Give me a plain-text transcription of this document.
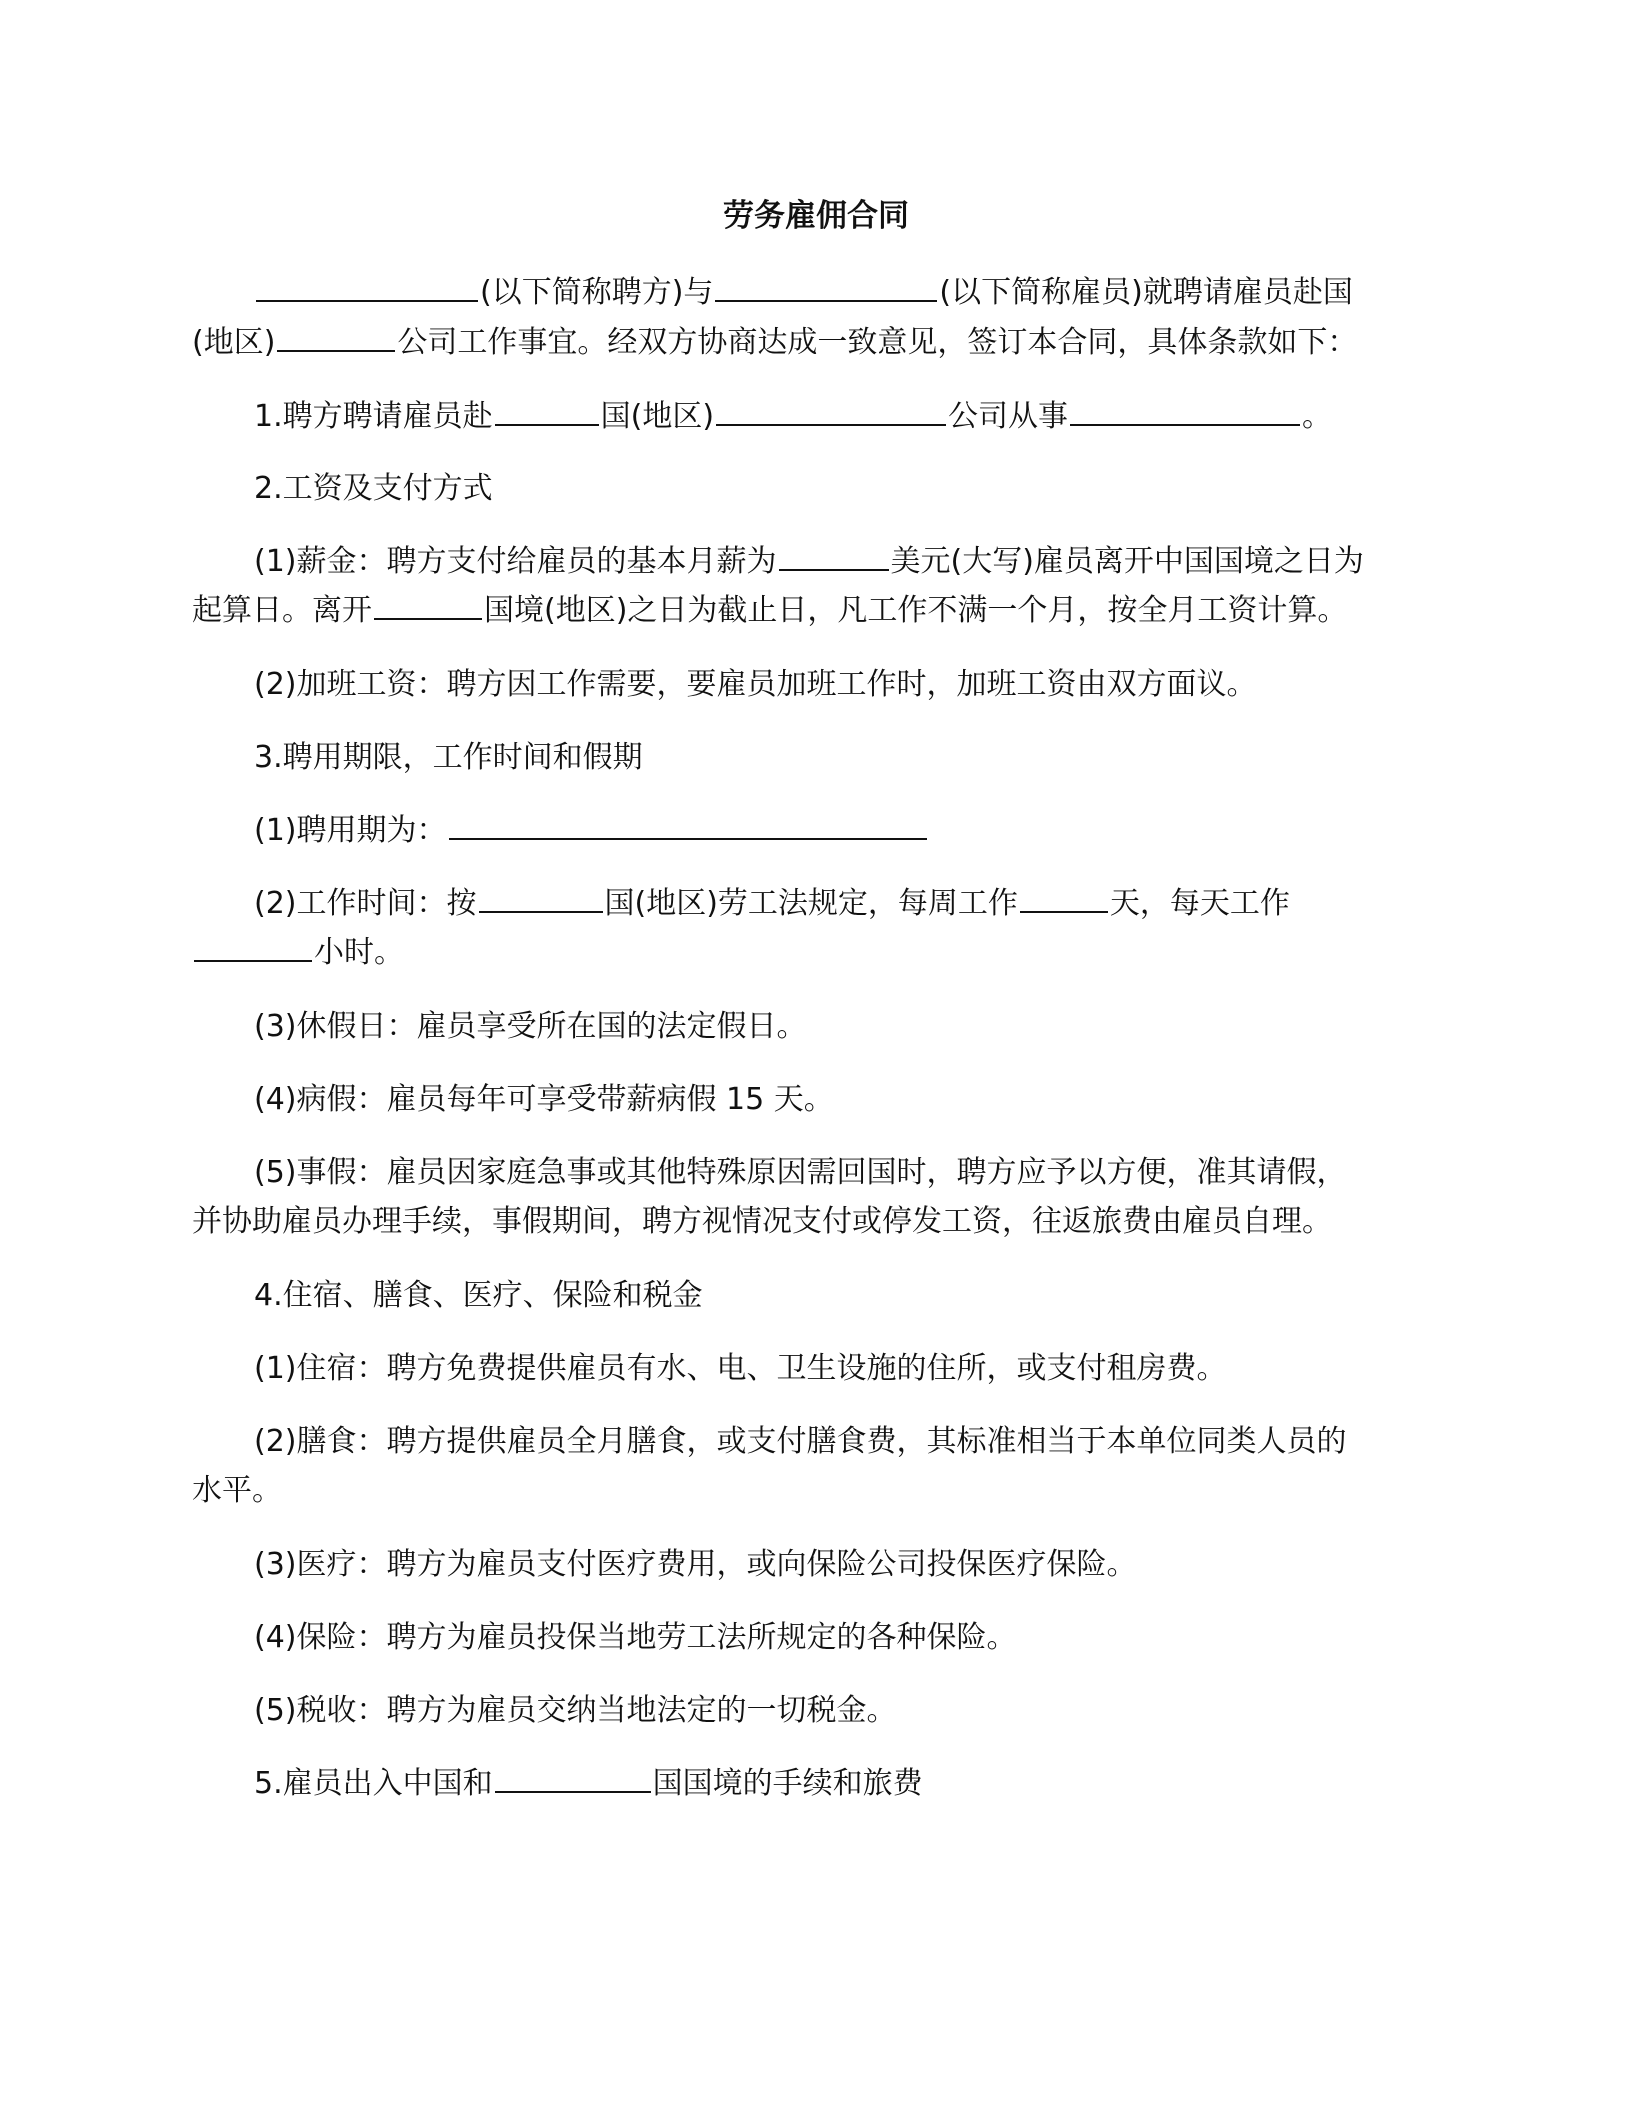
劳务雇佣合同
(以下简称聘方)与	(以下简称雇员)就聘请雇员赴国
(地区)	公司工作事宜。经双方协商达成一致意见，签订本合同，具体条款如下：
1.聘方聘请雇员赴	国(地区)	公司从事	。
2.工资及支付方式
(1)薪金：聘方支付给雇员的基本月薪为	美元(大写)雇员离开中国国境之日为
起算日。离开	国境(地区)之日为截止日，凡工作不满一个月，按全月工资计算。
(2)加班工资：聘方因工作需要，要雇员加班工作时，加班工资由双方面议。
3.聘用期限，工作时间和假期
(1)聘用期为：
(2)工作时间：按	国(地区)劳工法规定，每周工作	天，每天工作
小时。
(3)休假日：雇员享受所在国的法定假日。
(4)病假：雇员每年可享受带薪病假 15 天。
(5)事假：雇员因家庭急事或其他特殊原因需回国时，聘方应予以方便，准其请假，
并协助雇员办理手续，事假期间，聘方视情况支付或停发工资，往返旅费由雇员自理。
4.住宿、膳食、医疗、保险和税金
(1)住宿：聘方免费提供雇员有水、电、卫生设施的住所，或支付租房费。
(2)膳食：聘方提供雇员全月膳食，或支付膳食费，其标准相当于本单位同类人员的
水平。
(3)医疗：聘方为雇员支付医疗费用，或向保险公司投保医疗保险。
(4)保险：聘方为雇员投保当地劳工法所规定的各种保险。
(5)税收：聘方为雇员交纳当地法定的一切税金。
5.雇员出入中国和	国国境的手续和旅费
